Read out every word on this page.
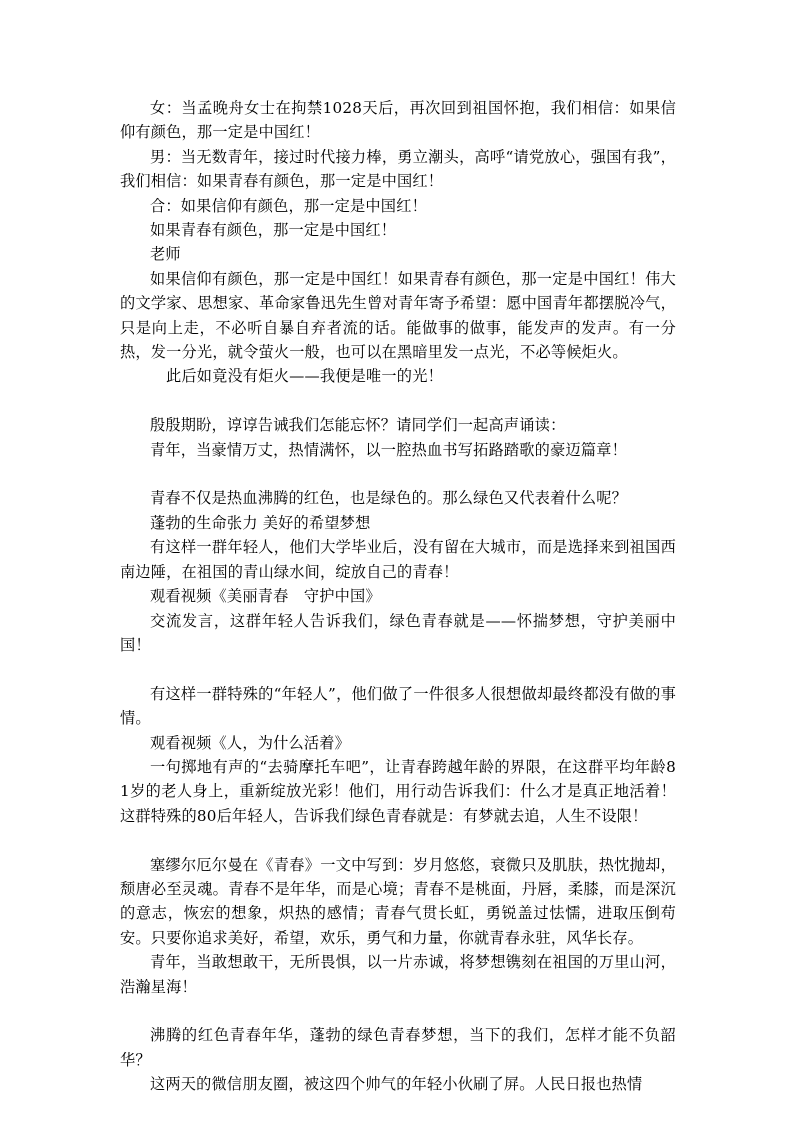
女：当孟晚舟女士在拘禁1028天后，再次回到祖国怀抱，我们相信：如果信仰有颜色，那一定是中国红！

男：当无数青年，接过时代接力棒，勇立潮头，高呼“请党放心，强国有我”，我们相信：如果青春有颜色，那一定是中国红！

合：如果信仰有颜色，那一定是中国红！

如果青春有颜色，那一定是中国红！

老师

如果信仰有颜色，那一定是中国红！如果青春有颜色，那一定是中国红！伟大的文学家、思想家、革命家鲁迅先生曾对青年寄予希望：愿中国青年都摆脱冷气，只是向上走，不必听自暴自弃者流的话。能做事的做事，能发声的发声。有一分热，发一分光，就令萤火一般，也可以在黑暗里发一点光，不必等候炬火。

此后如竟没有炬火——我便是唯一的光！

殷殷期盼，谆谆告诫我们怎能忘怀？请同学们一起高声诵读：

青年，当豪情万丈，热情满怀，以一腔热血书写拓路踏歌的豪迈篇章！

青春不仅是热血沸腾的红色，也是绿色的。那么绿色又代表着什么呢？

蓬勃的生命张力 美好的希望梦想

有这样一群年轻人，他们大学毕业后，没有留在大城市，而是选择来到祖国西南边陲，在祖国的青山绿水间，绽放自己的青春！

观看视频《美丽青春　守护中国》

交流发言，这群年轻人告诉我们，绿色青春就是——怀揣梦想，守护美丽中国！

有这样一群特殊的“年轻人”，他们做了一件很多人很想做却最终都没有做的事情。

观看视频《人，为什么活着》

一句掷地有声的“去骑摩托车吧”，让青春跨越年龄的界限，在这群平均年龄81岁的老人身上，重新绽放光彩！他们，用行动告诉我们：什么才是真正地活着！这群特殊的80后年轻人，告诉我们绿色青春就是：有梦就去追，人生不设限！

塞缪尔厄尔曼在《青春》一文中写到：岁月悠悠，衰微只及肌肤，热忱抛却，颓唐必至灵魂。青春不是年华，而是心境；青春不是桃面，丹唇，柔膝，而是深沉的意志，恢宏的想象，炽热的感情；青春气贯长虹，勇锐盖过怯懦，进取压倒苟安。只要你追求美好，希望，欢乐，勇气和力量，你就青春永驻，风华长存。

青年，当敢想敢干，无所畏惧，以一片赤诚，将梦想镌刻在祖国的万里山河，浩瀚星海！

沸腾的红色青春年华，蓬勃的绿色青春梦想，当下的我们，怎样才能不负韶华？

这两天的微信朋友圈，被这四个帅气的年轻小伙刷了屏。人民日报也热情
